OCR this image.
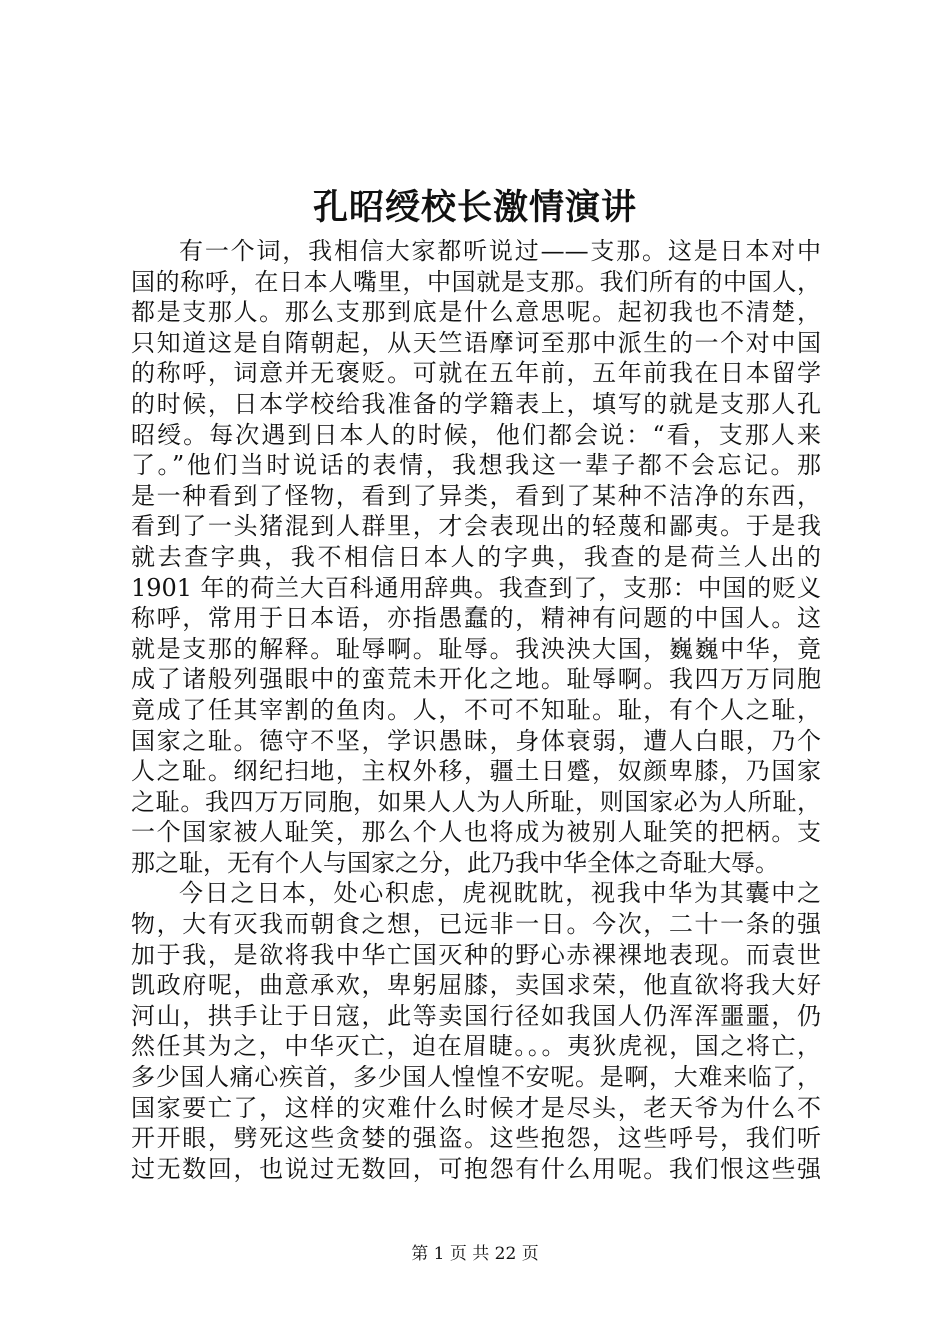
孔昭绶校长激情演讲
有一个词，我相信大家都听说过——支那。这是日本对中
国的称呼，在日本人嘴里，中国就是支那。我们所有的中国人，
都是支那人。那么支那到底是什么意思呢。起初我也不清楚，
只知道这是自隋朝起，从天竺语摩诃至那中派生的一个对中国
的称呼，词意并无褒贬。可就在五年前，五年前我在日本留学
的时候，日本学校给我准备的学籍表上，填写的就是支那人孔
昭绶。每次遇到日本人的时候，他们都会说：“看，支那人来
了。”他们当时说话的表情，我想我这一辈子都不会忘记。那
是一种看到了怪物，看到了异类，看到了某种不洁净的东西，
看到了一头猪混到人群里，才会表现出的轻蔑和鄙夷。于是我
就去查字典，我不相信日本人的字典，我查的是荷兰人出的
1901 年的荷兰大百科通用辞典。我查到了，支那：中国的贬义
称呼，常用于日本语，亦指愚蠢的，精神有问题的中国人。这
就是支那的解释。耻辱啊。耻辱。我泱泱大国，巍巍中华，竟
成了诸般列强眼中的蛮荒未开化之地。耻辱啊。我四万万同胞
竟成了任其宰割的鱼肉。人，不可不知耻。耻，有个人之耻，
国家之耻。德守不坚，学识愚昧，身体衰弱，遭人白眼，乃个
人之耻。纲纪扫地，主权外移，疆土日蹙，奴颜卑膝，乃国家
之耻。我四万万同胞，如果人人为人所耻，则国家必为人所耻，
一个国家被人耻笑，那么个人也将成为被别人耻笑的把柄。支
那之耻，无有个人与国家之分，此乃我中华全体之奇耻大辱。
今日之日本，处心积虑，虎视眈眈，视我中华为其囊中之
物，大有灭我而朝食之想，已远非一日。今次，二十一条的强
加于我，是欲将我中华亡国灭种的野心赤裸裸地表现。而袁世
凯政府呢，曲意承欢，卑躬屈膝，卖国求荣，他直欲将我大好
河山，拱手让于日寇，此等卖国行径如我国人仍浑浑噩噩，仍
然任其为之，中华灭亡，迫在眉睫。。。夷狄虎视，国之将亡，
多少国人痛心疾首，多少国人惶惶不安呢。是啊，大难来临了，
国家要亡了，这样的灾难什么时候才是尽头，老天爷为什么不
开开眼，劈死这些贪婪的强盗。这些抱怨，这些呼号，我们听
过无数回，也说过无数回，可抱怨有什么用呢。我们恨这些强
第 1 页 共 22 页
